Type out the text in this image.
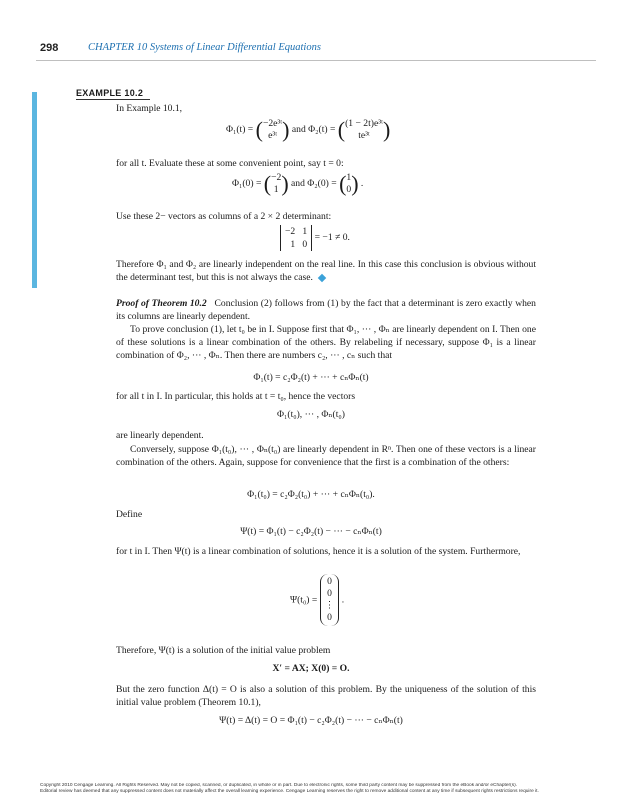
298	CHAPTER 10 Systems of Linear Differential Equations
EXAMPLE 10.2
In Example 10.1,
Φ₁(t) = (−2e³ᵗ
e³ᵗ ) and Φ₂(t) = ((1 − 2t)e³ᵗ
te³ᵗ )
for all t. Evaluate these at some convenient point, say t = 0:
Φ₁(0) = (−2
1 ) and Φ₂(0) = (1
0) .
Use these 2− vectors as columns of a 2 × 2 determinant:
−2   1
1   0 = −1 ≠ 0.
Therefore Φ₁ and Φ₂ are linearly independent on the real line. In this case this conclusion is obvious without the determinant test, but this is not always the case.
Proof of Theorem 10.2 Conclusion (2) follows from (1) by the fact that a determinant is zero exactly when its columns are linearly dependent.
To prove conclusion (1), let t₀ be in I. Suppose first that Φ₁, ··· , Φₙ are linearly dependent on I. Then one of these solutions is a linear combination of the others. By relabeling if necessary, suppose Φ₁ is a linear combination of Φ₂, ··· , Φₙ. Then there are numbers c₂, ··· , cₙ such that
Φ₁(t) = c₂Φ₂(t) + ··· + cₙΦₙ(t)
for all t in I. In particular, this holds at t = t₀, hence the vectors
Φ₁(t₀), ··· , Φₙ(t₀)
are linearly dependent.
Conversely, suppose Φ₁(t₀), ··· , Φₙ(t₀) are linearly dependent in Rⁿ. Then one of these vectors is a linear combination of the others. Again, suppose for convenience that the first is a combination of the others:
Φ₁(t₀) = c₂Φ₂(t₀) + ··· + cₙΦₙ(t₀).
Define
Ψ(t) = Φ₁(t) − c₂Φ₂(t) − ··· − cₙΦₙ(t)
for t in I. Then Ψ(t) is a linear combination of solutions, hence it is a solution of the system. Furthermore,
Ψ(t₀) = 0
0
⋮
0 .
Therefore, Ψ(t) is a solution of the initial value problem
X′ = AX; X(0) = O.
But the zero function Δ(t) = O is also a solution of this problem. By the uniqueness of the solution of this initial value problem (Theorem 10.1),
Ψ(t) = Δ(t) = O = Φ₁(t) − c₂Φ₂(t) − ··· − cₙΦₙ(t)
Copyright 2010 Cengage Learning. All Rights Reserved. May not be copied, scanned, or duplicated, in whole or in part. Due to electronic rights, some third party content may be suppressed from the eBook and/or eChapter(s).
Editorial review has deemed that any suppressed content does not materially affect the overall learning experience. Cengage Learning reserves the right to remove additional content at any time if subsequent rights restrictions require it.
